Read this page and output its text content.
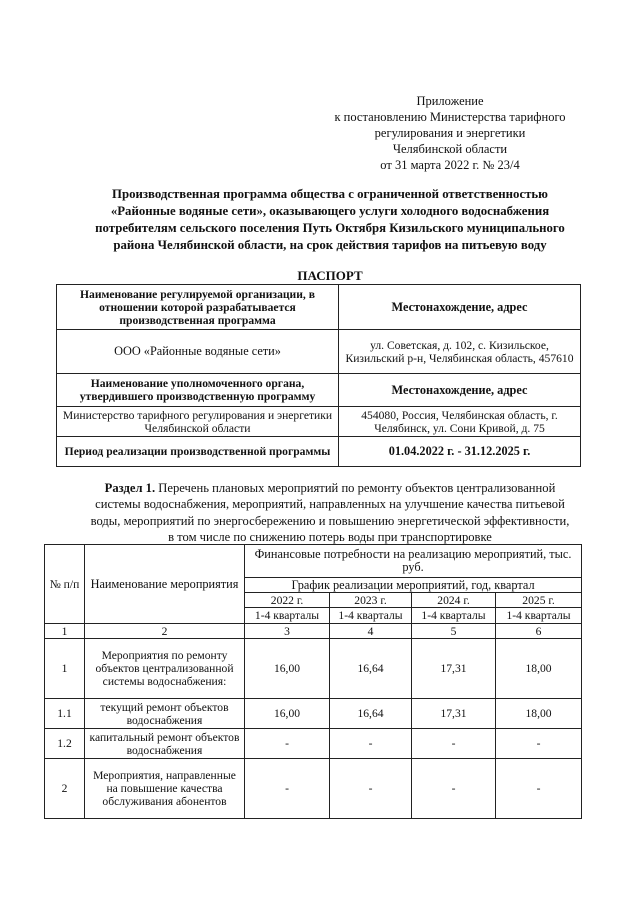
Приложение
к постановлению Министерства тарифного
регулирования и энергетики
Челябинской области
от 31 марта 2022 г. № 23/4
Производственная программа общества с ограниченной ответственностью
«Районные водяные сети», оказывающего услуги холодного водоснабжения
потребителям сельского поселения Путь Октября Кизильского муниципального
района Челябинской области, на срок действия тарифов на питьевую воду
ПАСПОРТ
Наименование регулируемой организации, в отношении которой разрабатывается производственная программа	Местонахождение, адрес
ООО «Районные водяные сети»	ул. Советская, д. 102, с. Кизильское, Кизильский р-н, Челябинская область, 457610
Наименование уполномоченного органа, утвердившего производственную программу	Местонахождение, адрес
Министерство тарифного регулирования и энергетики Челябинской области	454080, Россия, Челябинская область, г. Челябинск, ул. Сони Кривой, д. 75
Период реализации производственной программы	01.04.2022 г. - 31.12.2025 г.
Раздел 1. Перечень плановых мероприятий по ремонту объектов централизованной
системы водоснабжения, мероприятий, направленных на улучшение качества питьевой
воды, мероприятий по энергосбережению и повышению энергетической эффективности,
в том числе по снижению потерь воды при транспортировке
№ п/п	Наименование мероприятия	Финансовые потребности на реализацию мероприятий, тыс. руб.			
		График реализации мероприятий, год, квартал			
		2022 г.	2023 г.	2024 г.	2025 г.
		1-4 кварталы	1-4 кварталы	1-4 кварталы	1-4 кварталы
1	2	3	4	5	6
1	Мероприятия по ремонту объектов централизованной системы водоснабжения:	16,00	16,64	17,31	18,00
1.1	текущий ремонт объектов водоснабжения	16,00	16,64	17,31	18,00
1.2	капитальный ремонт объектов водоснабжения	-	-	-	-
2	Мероприятия, направленные на повышение качества обслуживания абонентов	-	-	-	-
